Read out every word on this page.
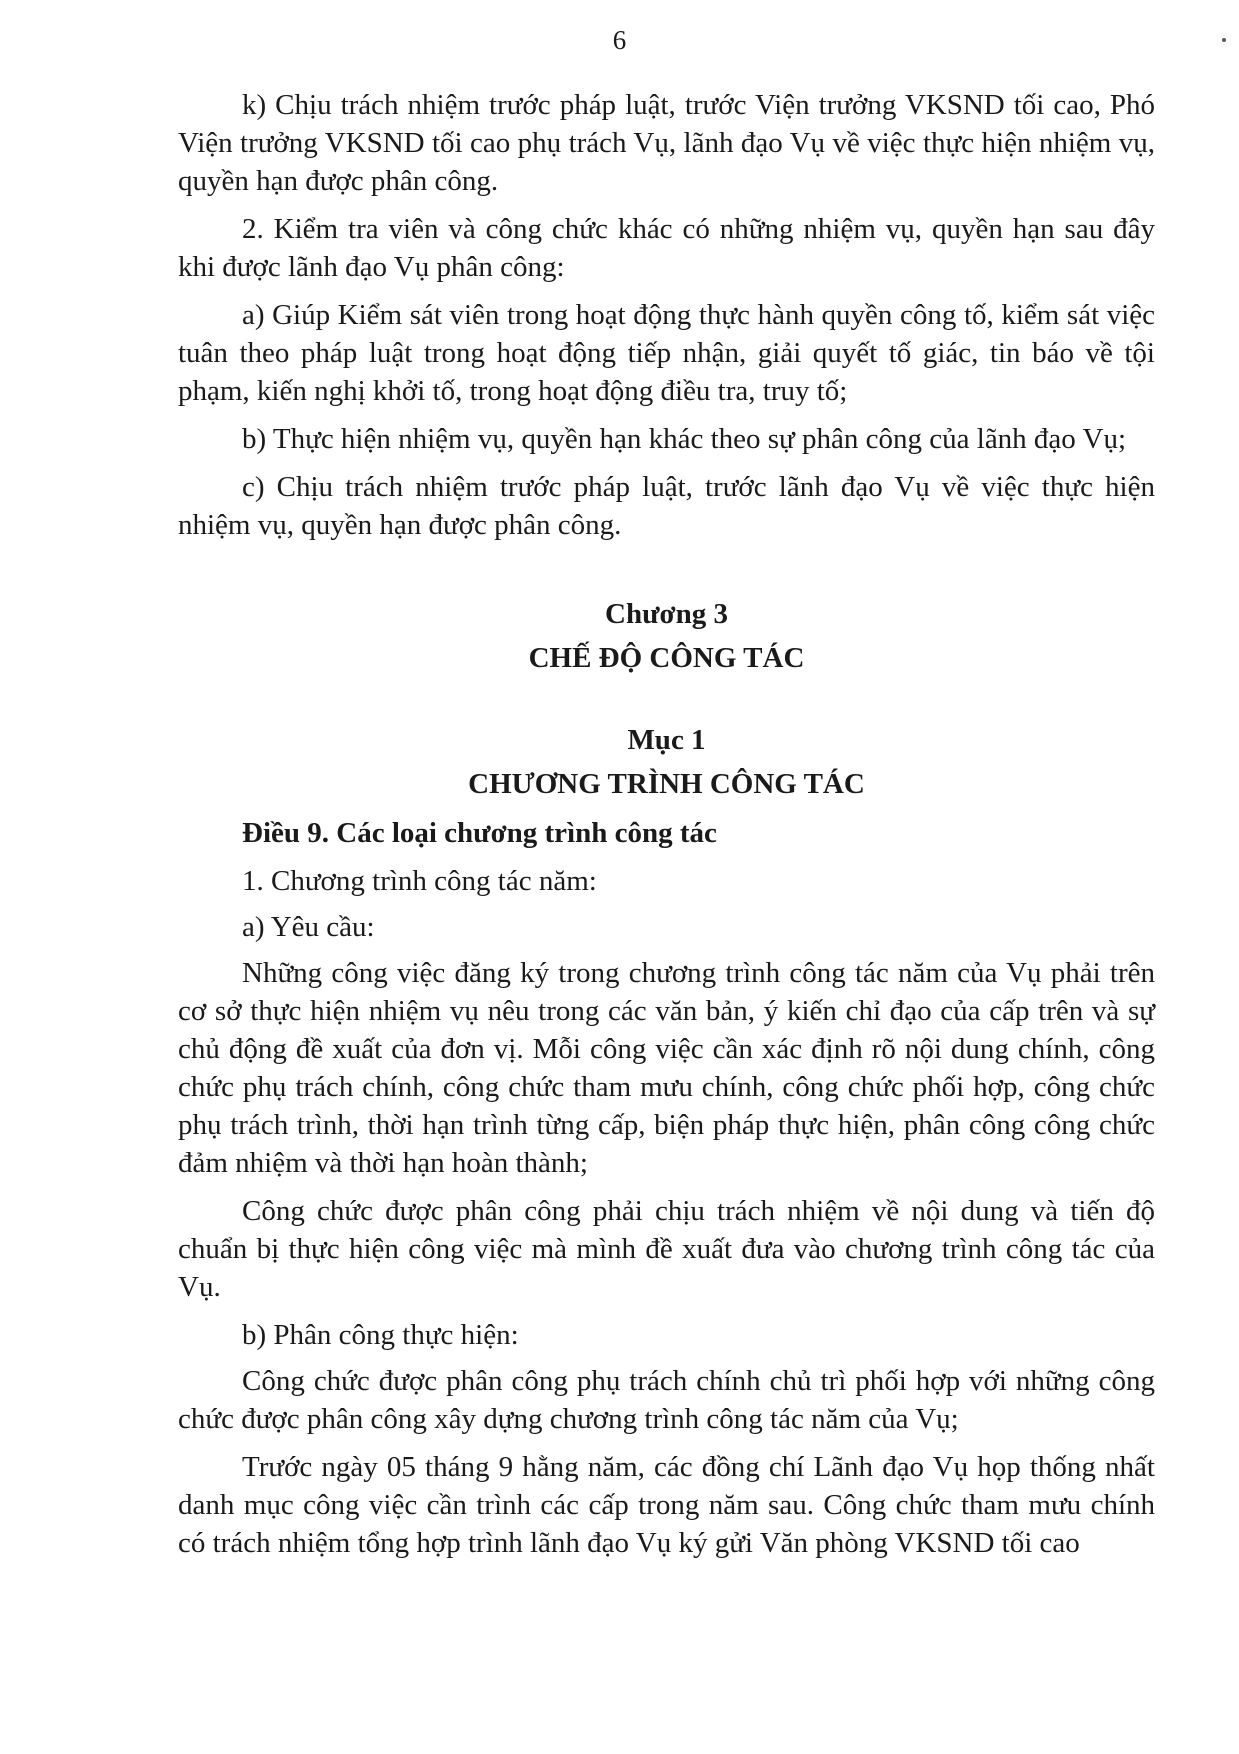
6

k) Chịu trách nhiệm trước pháp luật, trước Viện trưởng VKSND tối cao, Phó Viện trưởng VKSND tối cao phụ trách Vụ, lãnh đạo Vụ về việc thực hiện nhiệm vụ, quyền hạn được phân công.

2. Kiểm tra viên và công chức khác có những nhiệm vụ, quyền hạn sau đây khi được lãnh đạo Vụ phân công:

a) Giúp Kiểm sát viên trong hoạt động thực hành quyền công tố, kiểm sát việc tuân theo pháp luật trong hoạt động tiếp nhận, giải quyết tố giác, tin báo về tội phạm, kiến nghị khởi tố, trong hoạt động điều tra, truy tố;

b) Thực hiện nhiệm vụ, quyền hạn khác theo sự phân công của lãnh đạo Vụ;

c) Chịu trách nhiệm trước pháp luật, trước lãnh đạo Vụ về việc thực hiện nhiệm vụ, quyền hạn được phân công.

Chương 3

CHẾ ĐỘ CÔNG TÁC

Mục 1

CHƯƠNG TRÌNH CÔNG TÁC

Điều 9. Các loại chương trình công tác

1. Chương trình công tác năm:

a) Yêu cầu:

Những công việc đăng ký trong chương trình công tác năm của Vụ phải trên cơ sở thực hiện nhiệm vụ nêu trong các văn bản, ý kiến chỉ đạo của cấp trên và sự chủ động đề xuất của đơn vị. Mỗi công việc cần xác định rõ nội dung chính, công chức phụ trách chính, công chức tham mưu chính, công chức phối hợp, công chức phụ trách trình, thời hạn trình từng cấp, biện pháp thực hiện, phân công công chức đảm nhiệm và thời hạn hoàn thành;

Công chức được phân công phải chịu trách nhiệm về nội dung và tiến độ chuẩn bị thực hiện công việc mà mình đề xuất đưa vào chương trình công tác của Vụ.

b) Phân công thực hiện:

Công chức được phân công phụ trách chính chủ trì phối hợp với những công chức được phân công xây dựng chương trình công tác năm của Vụ;

Trước ngày 05 tháng 9 hằng năm, các đồng chí Lãnh đạo Vụ họp thống nhất danh mục công việc cần trình các cấp trong năm sau. Công chức tham mưu chính có trách nhiệm tổng hợp trình lãnh đạo Vụ ký gửi Văn phòng VKSND tối cao
